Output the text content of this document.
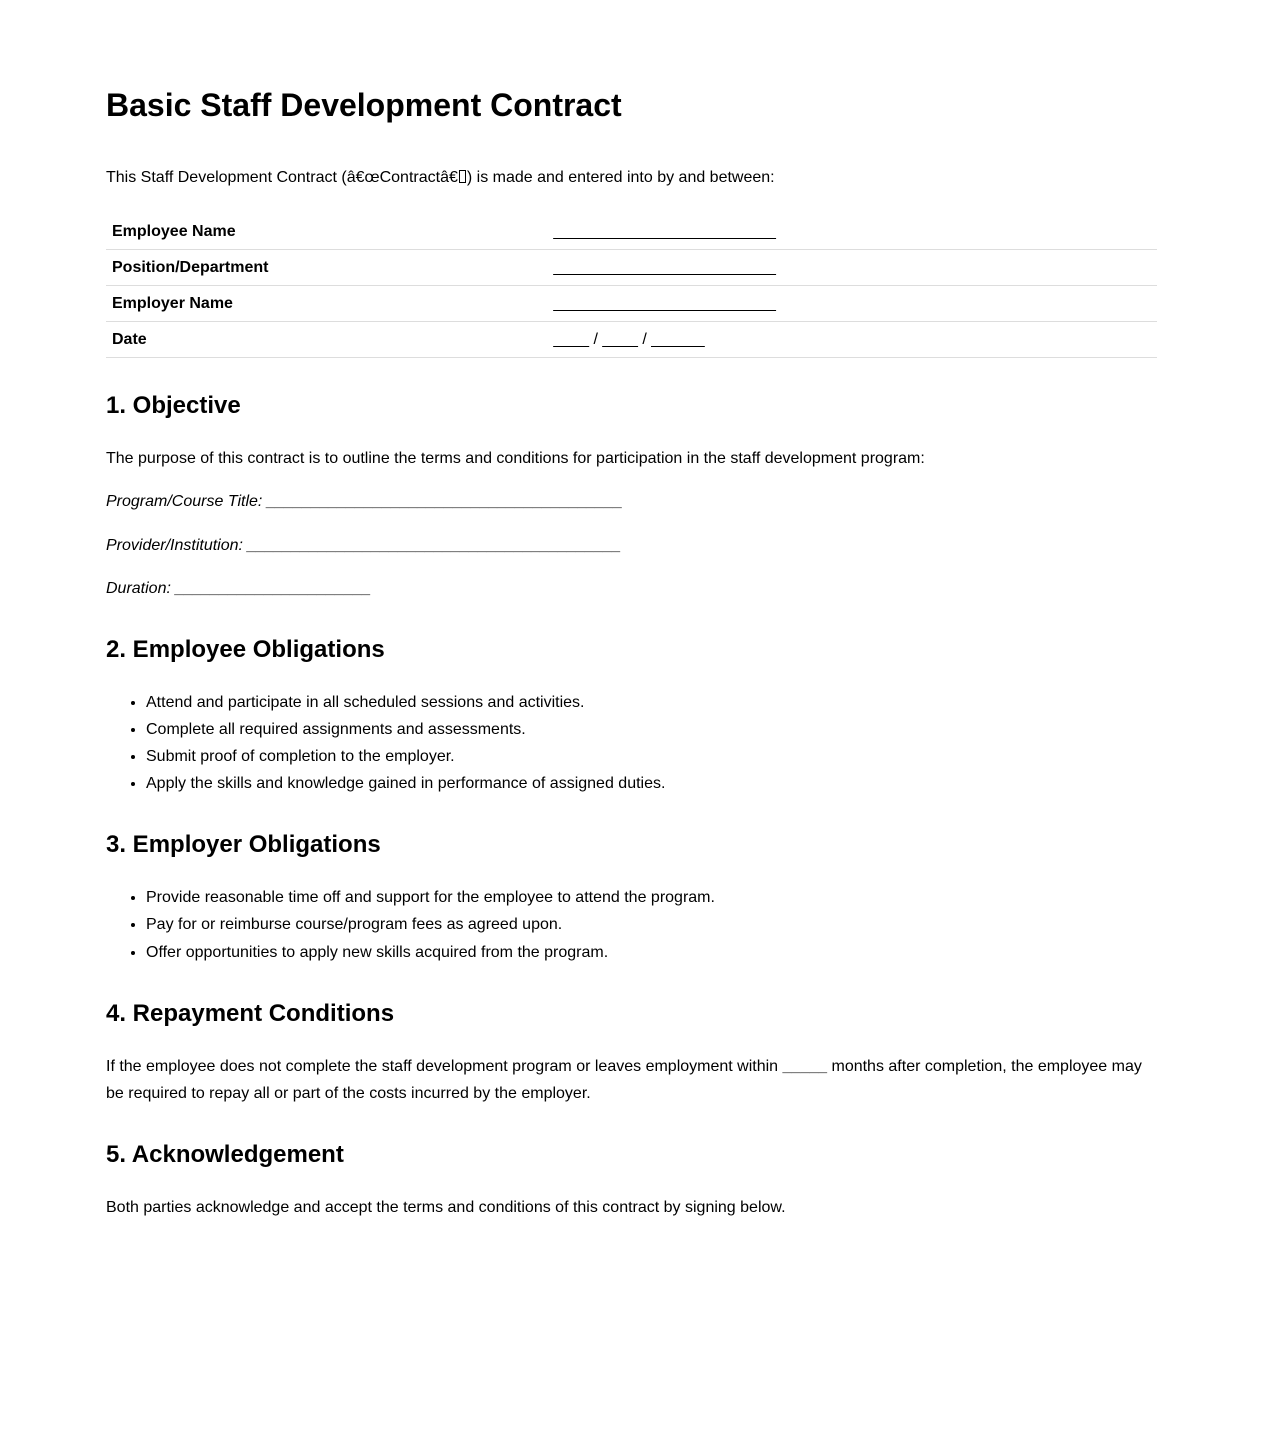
Basic Staff Development Contract

This Staff Development Contract (â€œContractâ€ ) is made and entered into by and between:

Employee Name	_________________________
Position/Department	_________________________
Employer Name	_________________________
Date	____ / ____ / ______
1. Objective

The purpose of this contract is to outline the terms and conditions for participation in the staff development program:

Program/Course Title: ________________________________________

Provider/Institution: __________________________________________

Duration: ______________________

2. Employee Obligations
• Attend and participate in all scheduled sessions and activities.
• Complete all required assignments and assessments.
• Submit proof of completion to the employer.
• Apply the skills and knowledge gained in performance of assigned duties.
3. Employer Obligations
• Provide reasonable time off and support for the employee to attend the program.
• Pay for or reimburse course/program fees as agreed upon.
• Offer opportunities to apply new skills acquired from the program.
4. Repayment Conditions

If the employee does not complete the staff development program or leaves employment within _____ months after completion, the employee may be required to repay all or part of the costs incurred by the employer.

5. Acknowledgement

Both parties acknowledge and accept the terms and conditions of this contract by signing below.
